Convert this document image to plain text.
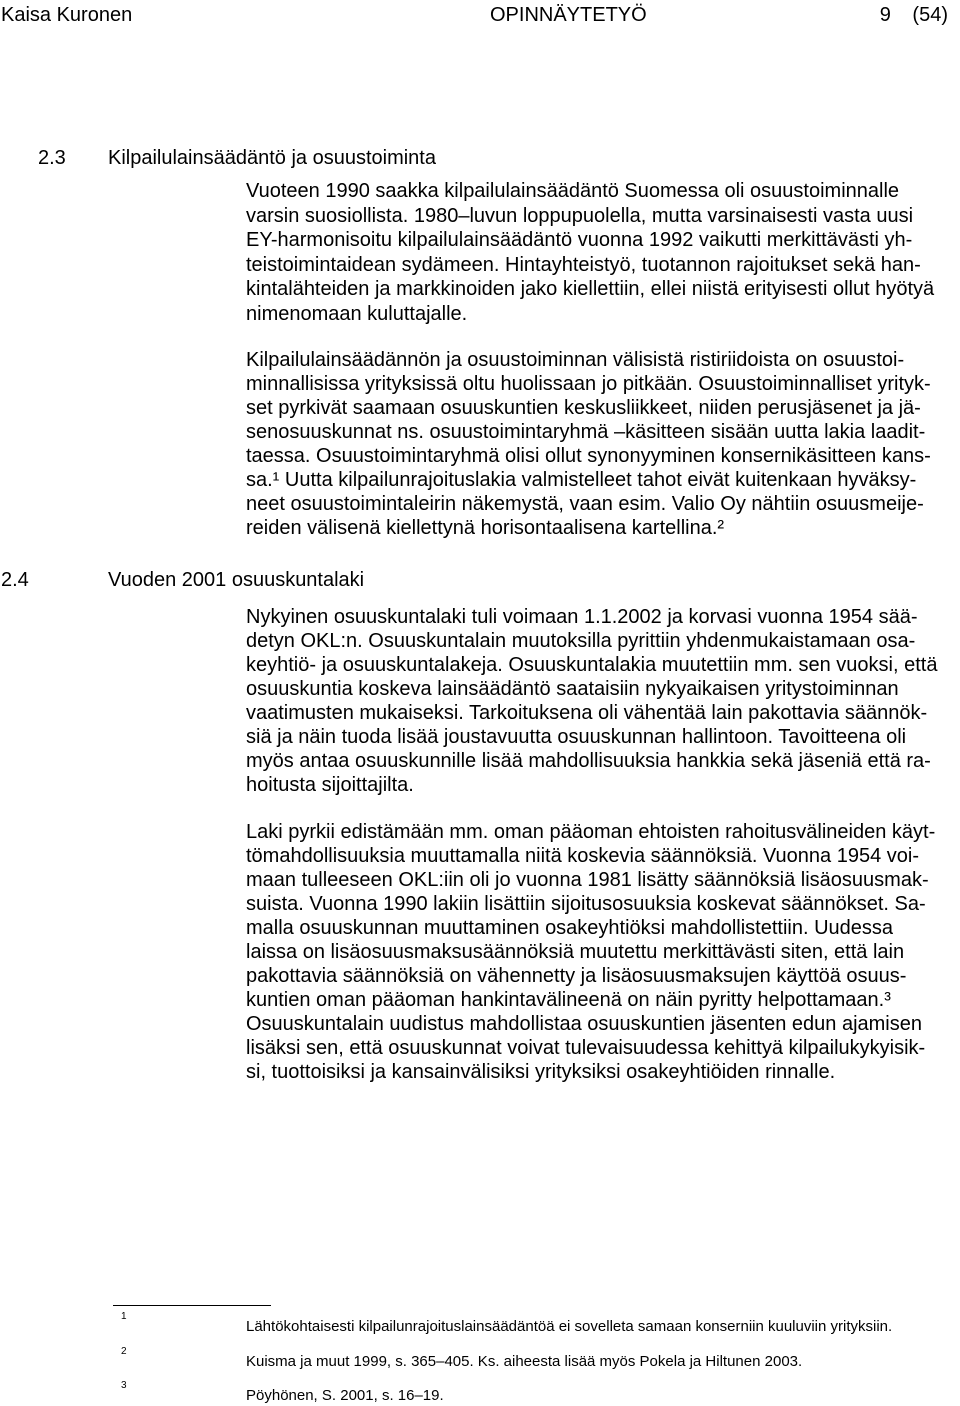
Kaisa Kuronen	OPINNÄYTETYÖ	9 (54)
2.3 Kilpailulainsäädäntö ja osuustoiminta
Vuoteen 1990 saakka kilpailulainsäädäntö Suomessa oli osuustoiminnalle
varsin suosiollista. 1980–luvun loppupuolella, mutta varsinaisesti vasta uusi
EY-harmonisoitu kilpailulainsäädäntö vuonna 1992 vaikutti merkittävästi yh-
teistoimintaidean sydämeen. Hintayhteistyö, tuotannon rajoitukset sekä han-
kintalähteiden ja markkinoiden jako kiellettiin, ellei niistä erityisesti ollut hyötyä
nimenomaan kuluttajalle.
Kilpailulainsäädännön ja osuustoiminnan välisistä ristiriidoista on osuustoi-
minnallisissa yrityksissä oltu huolissaan jo pitkään. Osuustoiminnalliset yrityk-
set pyrkivät saamaan osuuskuntien keskusliikkeet, niiden perusjäsenet ja jä-
senosuuskunnat ns. osuustoimintaryhmä –käsitteen sisään uutta lakia laadit-
taessa. Osuustoimintaryhmä olisi ollut synonyyminen konsernikäsitteen kans-
sa.¹ Uutta kilpailunrajoituslakia valmistelleet tahot eivät kuitenkaan hyväksy-
neet osuustoimintaleirin näkemystä, vaan esim. Valio Oy nähtiin osuusmeije-
reiden välisenä kiellettynä horisontaalisena kartellina.²
2.4	Vuoden 2001 osuuskuntalaki
Nykyinen osuuskuntalaki tuli voimaan 1.1.2002 ja korvasi vuonna 1954 sää-
detyn OKL:n. Osuuskuntalain muutoksilla pyrittiin yhdenmukaistamaan osa-
keyhtiö- ja osuuskuntalakeja. Osuuskuntalakia muutettiin mm. sen vuoksi, että
osuuskuntia koskeva lainsäädäntö saataisiin nykyaikaisen yritystoiminnan
vaatimusten mukaiseksi. Tarkoituksena oli vähentää lain pakottavia säännök-
siä ja näin tuoda lisää joustavuutta osuuskunnan hallintoon. Tavoitteena oli
myös antaa osuuskunnille lisää mahdollisuuksia hankkia sekä jäseniä että ra-
hoitusta sijoittajilta.
Laki pyrkii edistämään mm. oman pääoman ehtoisten rahoitusvälineiden käyt-
tömahdollisuuksia muuttamalla niitä koskevia säännöksiä. Vuonna 1954 voi-
maan tulleeseen OKL:iin oli jo vuonna 1981 lisätty säännöksiä lisäosuusmak-
suista. Vuonna 1990 lakiin lisättiin sijoitusosuuksia koskevat säännökset. Sa-
malla osuuskunnan muuttaminen osakeyhtiöksi mahdollistettiin. Uudessa
laissa on lisäosuusmaksusäännöksiä muutettu merkittävästi siten, että lain
pakottavia säännöksiä on vähennetty ja lisäosuusmaksujen käyttöä osuus-
kuntien oman pääoman hankintavälineenä on näin pyritty helpottamaan.³
Osuuskuntalain uudistus mahdollistaa osuuskuntien jäsenten edun ajamisen
lisäksi sen, että osuuskunnat voivat tulevaisuudessa kehittyä kilpailukykyisik-
si, tuottoisiksi ja kansainvälisiksi yrityksiksi osakeyhtiöiden rinnalle.
1
Lähtökohtaisesti kilpailunrajoituslainsäädäntöä ei sovelleta samaan konserniin kuuluviin yrityksiin.
2
Kuisma ja muut 1999, s. 365–405. Ks. aiheesta lisää myös Pokela ja Hiltunen 2003.
3
Pöyhönen, S. 2001, s. 16–19.
